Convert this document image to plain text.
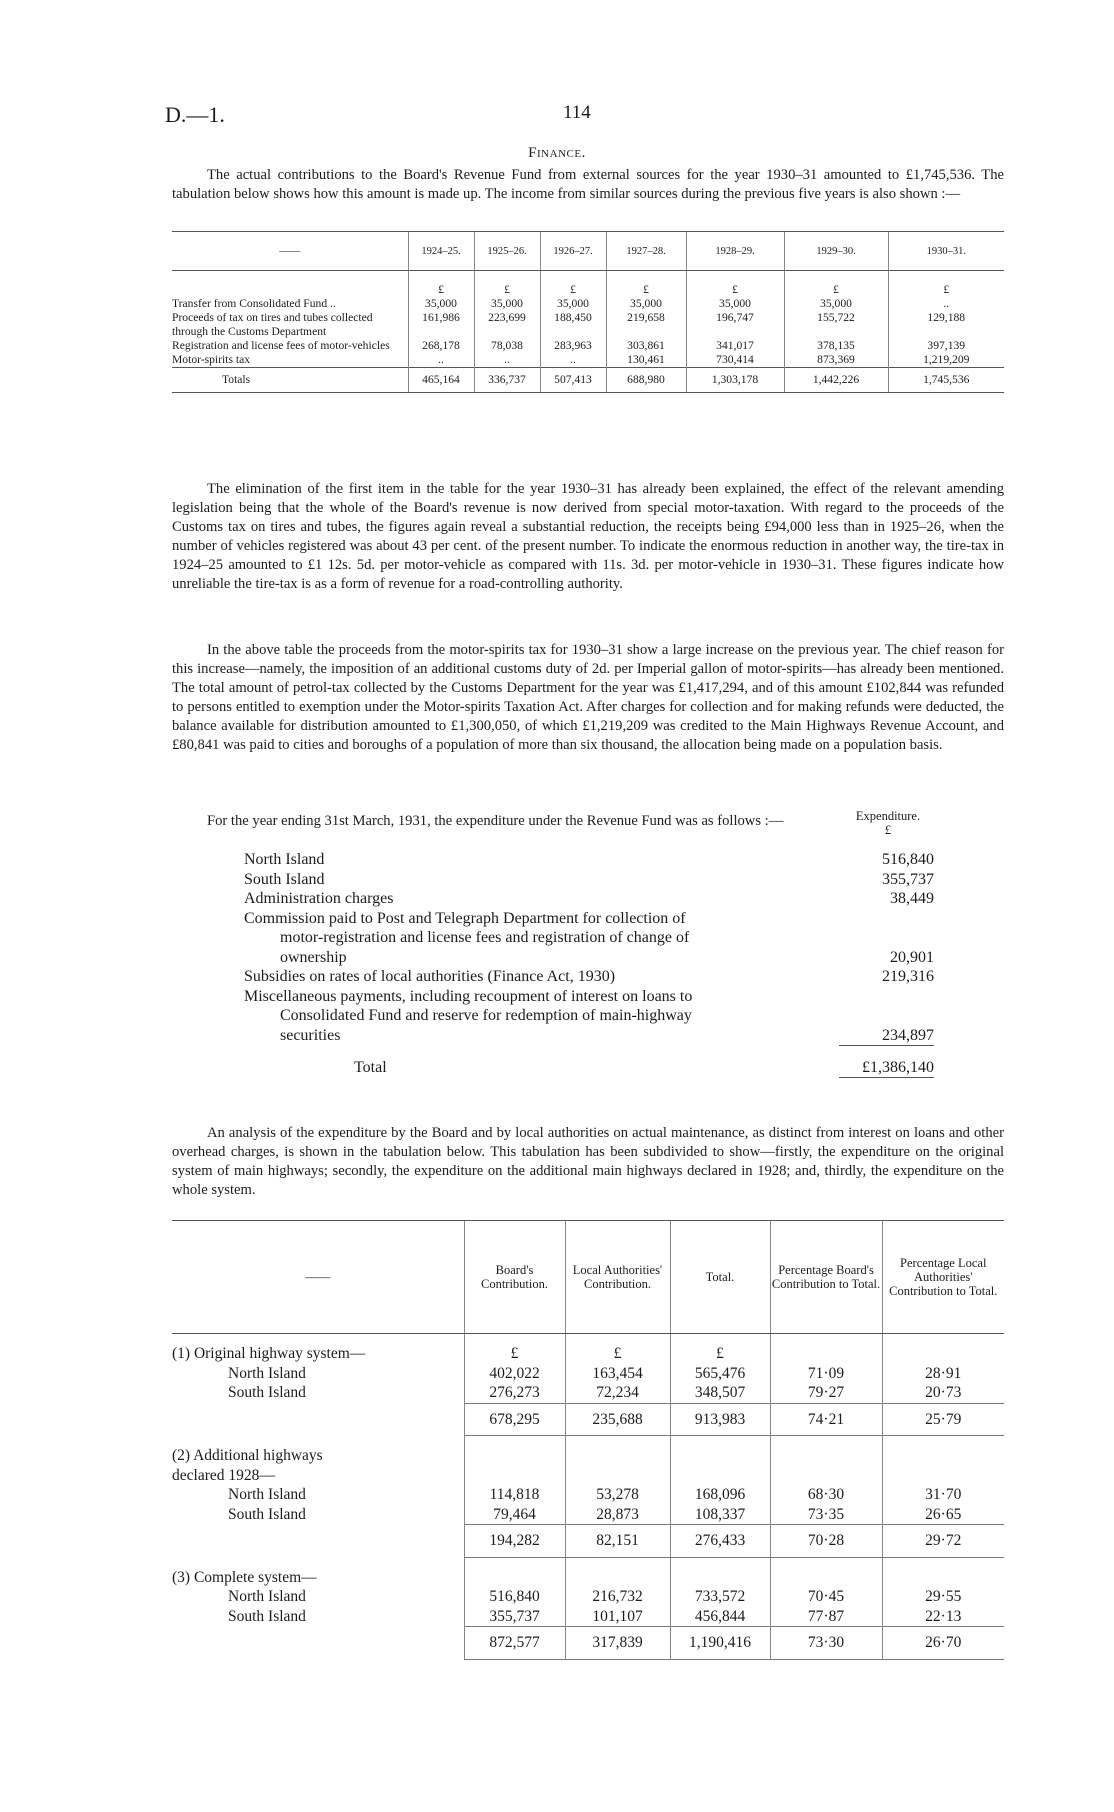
D.—1.	114
Finance.

The actual contributions to the Board's Revenue Fund from external sources for the year 1930–31 amounted to £1,745,536. The tabulation below shows how this amount is made up. The income from similar sources during the previous five years is also shown :—

——	1924–25.	1925–26.	1926–27.	1927–28.	1928–29.	1929–30.	1930–31.
	£	£	£	£	£	£	£
Transfer from Consolidated Fund ..	35,000	35,000	35,000	35,000	35,000	35,000	..
Proceeds of tax on tires and tubes collected through the Customs Department	161,986	223,699	188,450	219,658	196,747	155,722	129,188
Registration and license fees of motor-vehicles	268,178	78,038	283,963	303,861	341,017	378,135	397,139
Motor-spirits tax	..	..	..	130,461	730,414	873,369	1,219,209
Totals	465,164	336,737	507,413	688,980	1,303,178	1,442,226	1,745,536

The elimination of the first item in the table for the year 1930–31 has already been explained, the effect of the relevant amending legislation being that the whole of the Board's revenue is now derived from special motor-taxation. With regard to the proceeds of the Customs tax on tires and tubes, the figures again reveal a substantial reduction, the receipts being £94,000 less than in 1925–26, when the number of vehicles registered was about 43 per cent. of the present number. To indicate the enormous reduction in another way, the tire-tax in 1924–25 amounted to £1 12s. 5d. per motor-vehicle as compared with 11s. 3d. per motor-vehicle in 1930–31. These figures indicate how unreliable the tire-tax is as a form of revenue for a road-controlling authority.

In the above table the proceeds from the motor-spirits tax for 1930–31 show a large increase on the previous year. The chief reason for this increase—namely, the imposition of an additional customs duty of 2d. per Imperial gallon of motor-spirits—has already been mentioned. The total amount of petrol-tax collected by the Customs Department for the year was £1,417,294, and of this amount £102,844 was refunded to persons entitled to exemption under the Motor-spirits Taxation Act. After charges for collection and for making refunds were deducted, the balance available for distribution amounted to £1,300,050, of which £1,219,209 was credited to the Main Highways Revenue Account, and £80,841 was paid to cities and boroughs of a population of more than six thousand, the allocation being made on a population basis.

For the year ending 31st March, 1931, the expenditure under the Revenue Fund was as follows :—	Expenditure.
£
North Island	516,840
South Island	355,737
Administration charges	38,449
Commission paid to Post and Telegraph Department for collection of	
motor-registration and license fees and registration of change of	
ownership	20,901
Subsidies on rates of local authorities (Finance Act, 1930)	219,316
Miscellaneous payments, including recoupment of interest on loans to	
Consolidated Fund and reserve for redemption of main-highway	
securities	234,897

Total	£1,386,140

An analysis of the expenditure by the Board and by local authorities on actual maintenance, as distinct from interest on loans and other overhead charges, is shown in the tabulation below. This tabulation has been subdivided to show—firstly, the expenditure on the original system of main highways; secondly, the expenditure on the additional main highways declared in 1928; and, thirdly, the expenditure on the whole system.

——	Board's Contribution.	Local Authorities' Contribution.	Total.	Percentage Board's Contribution to Total.	Percentage Local Authorities' Contribution to Total.

(1) Original highway system—	£	£	£		
North Island	402,022	163,454	565,476	71·09	28·91
South Island	276,273	72,234	348,507	79·27	20·73
	678,295	235,688	913,983	74·21	25·79

(2) Additional highways declared 1928—					
North Island	114,818	53,278	168,096	68·30	31·70
South Island	79,464	28,873	108,337	73·35	26·65
	194,282	82,151	276,433	70·28	29·72

(3) Complete system—					
North Island	516,840	216,732	733,572	70·45	29·55
South Island	355,737	101,107	456,844	77·87	22·13
	872,577	317,839	1,190,416	73·30	26·70
